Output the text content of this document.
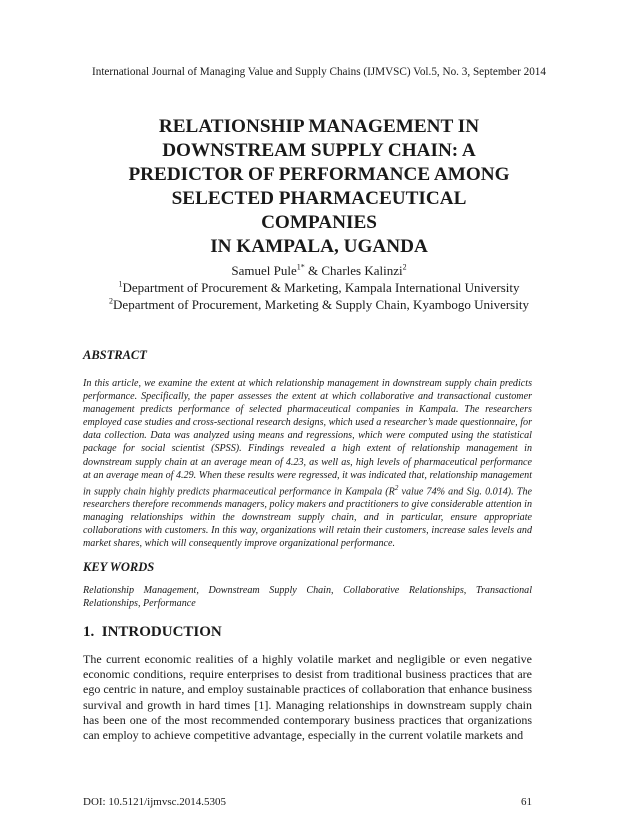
International Journal of Managing Value and Supply Chains (IJMVSC) Vol.5, No. 3, September 2014
RELATIONSHIP MANAGEMENT IN
DOWNSTREAM SUPPLY CHAIN: A
PREDICTOR OF PERFORMANCE AMONG
SELECTED PHARMACEUTICAL
COMPANIES
IN KAMPALA, UGANDA
Samuel Pule$^{1*}$ & Charles Kalinzi$^2$
$^1$Department of Procurement & Marketing, Kampala International University
$^2$Department of Procurement, Marketing & Supply Chain, Kyambogo University
ABSTRACT
In this article, we examine the extent at which relationship management in downstream supply chain predicts performance. Specifically, the paper assesses the extent at which collaborative and transactional customer management predicts performance of selected pharmaceutical companies in Kampala. The researchers employed case studies and cross-sectional research designs, which used a researcher’s made questionnaire, for data collection. Data was analyzed using means and regressions, which were computed using the statistical package for social scientist (SPSS). Findings revealed a high extent of relationship management in downstream supply chain at an average mean of 4.23, as well as, high levels of pharmaceutical performance at an average mean of 4.29. When these results were regressed, it was indicated that, relationship management in supply chain highly predicts pharmaceutical performance in Kampala ($R^2$ value 74% and Sig. 0.014). The researchers therefore recommends managers, policy makers and practitioners to give considerable attention in managing relationships within the downstream supply chain, and in particular, ensure appropriate collaborations with customers. In this way, organizations will retain their customers, increase sales levels and market shares, which will consequently improve organizational performance.
KEY WORDS
Relationship Management, Downstream Supply Chain, Collaborative Relationships, Transactional Relationships, Performance
1.  INTRODUCTION
The current economic realities of a highly volatile market and negligible or even negative economic conditions, require enterprises to desist from traditional business practices that are ego centric in nature, and employ sustainable practices of collaboration that enhance business survival and growth in hard times [1]. Managing relationships in downstream supply chain has been one of the most recommended contemporary business practices that organizations can employ to achieve competitive advantage, especially in the current volatile markets and
DOI: 10.5121/ijmvsc.2014.5305	61
